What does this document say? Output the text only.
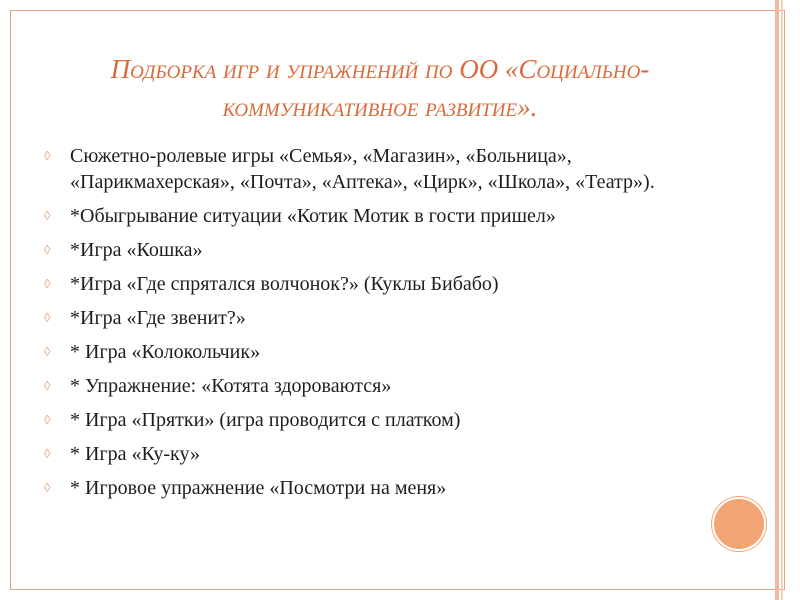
Подборка игр и упражнений по ОО «Социально-коммуникативное развитие».
◊ Сюжетно-ролевые игры «Семья», «Магазин», «Больница», «Парикмахерская», «Почта», «Аптека», «Цирк», «Школа», «Театр»).
◊ *Обыгрывание ситуации «Котик Мотик в гости пришел»
◊ *Игра «Кошка»
◊ *Игра «Где спрятался волчонок?» (Куклы Бибабо)
◊ *Игра «Где звенит?»
◊ * Игра «Колокольчик»
◊ * Упражнение: «Котята здороваются»
◊ * Игра «Прятки» (игра проводится с платком)
◊ * Игра «Ку-ку»
◊ * Игровое упражнение «Посмотри на меня»
